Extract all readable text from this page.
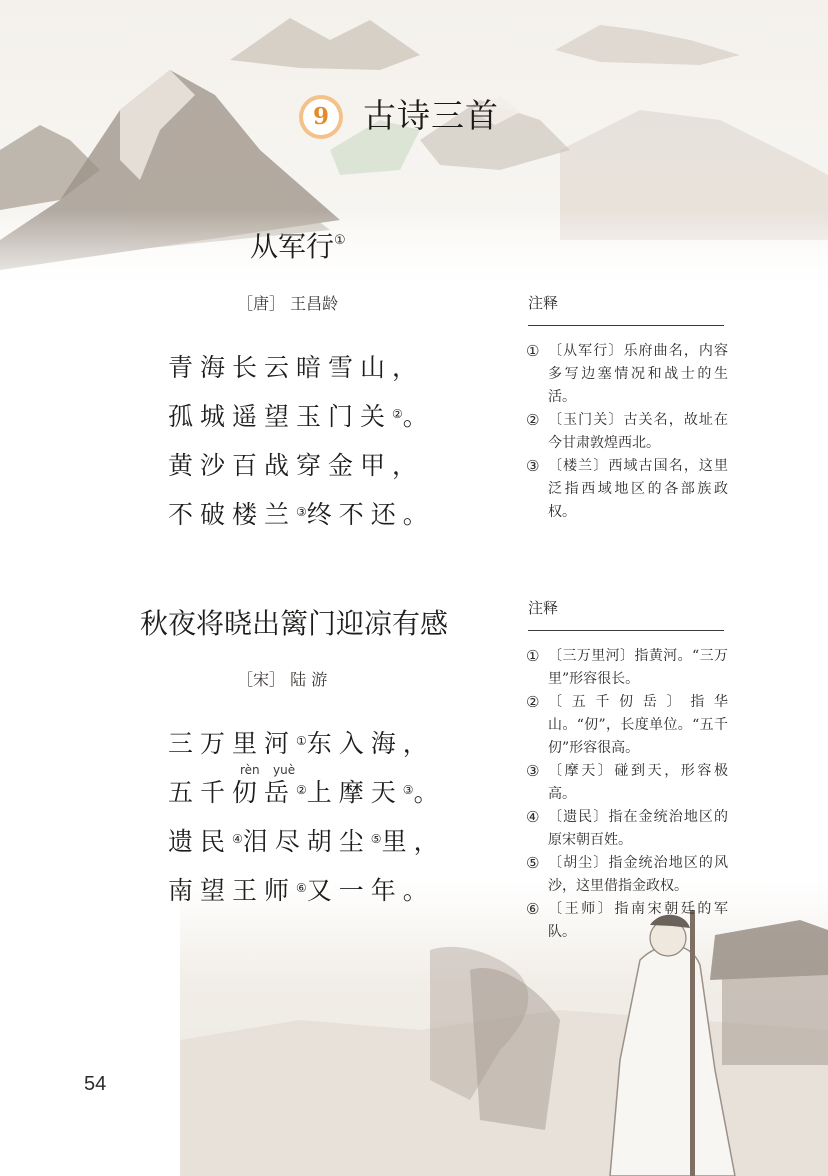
9	古诗三首
从军行①
［唐］ 王昌龄
青海长云暗雪山，
孤城遥望玉门关②。
黄沙百战穿金甲，
不破楼兰③终不还。
注释
① 〔从军行〕乐府曲名，内容多写边塞情况和战士的生活。
② 〔玉门关〕古关名，故址在今甘肃敦煌西北。
③ 〔楼兰〕西域古国名，这里泛指西域地区的各部族政权。
秋夜将晓出篱门迎凉有感
［宋］ 陆 游
三万里河①东入海，
rèn yuè
五千仞岳②上摩天③。
遗民④泪尽胡尘⑤里，
南望王师⑥又一年。
注释
① 〔三万里河〕指黄河。“三万里”形容很长。
② 〔五千仞岳〕指华山。“仞”，长度单位。“五千仞”形容很高。
③ 〔摩天〕碰到天，形容极高。
④ 〔遗民〕指在金统治地区的原宋朝百姓。
⑤ 〔胡尘〕指金统治地区的风沙，这里借指金政权。
⑥ 〔王师〕指南宋朝廷的军队。
54
